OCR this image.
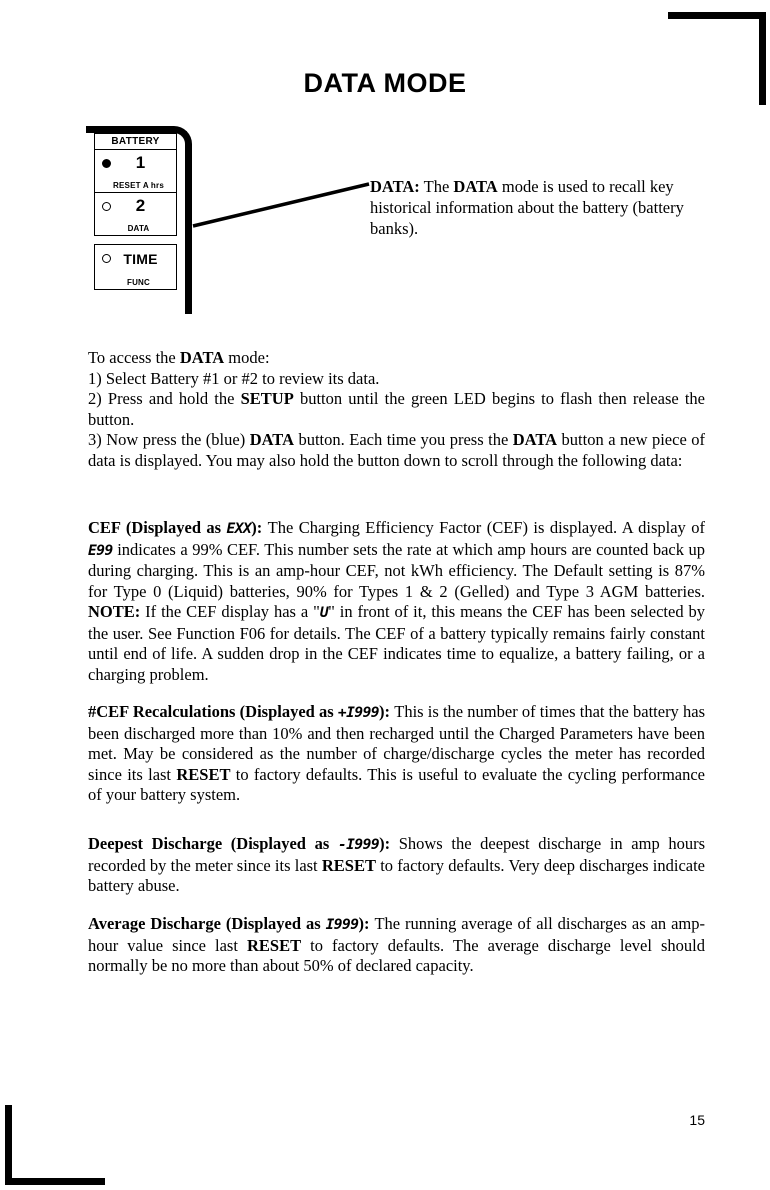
DATA MODE
BATTERY
1
RESET A hrs
2
DATA
TIME
FUNC
DATA: The DATA mode is used to recall key historical information about the battery (battery banks).
To access the DATA mode:
1) Select Battery #1 or #2 to review its data.
2) Press and hold the SETUP button until the green LED begins to flash then release the button.
3) Now press the (blue) DATA button. Each time you press the DATA button a new piece of data is displayed. You may also hold the button down to scroll through the following data:
CEF (Displayed as EXX): The Charging Efficiency Factor (CEF) is displayed. A display of E99 indicates a 99% CEF. This number sets the rate at which amp hours are counted back up during charging. This is an amp-hour CEF, not kWh efficiency. The Default setting is 87% for Type 0 (Liquid) batteries, 90% for Types 1 & 2 (Gelled) and Type 3 AGM batteries. NOTE: If the CEF display has a "U" in front of it, this means the CEF has been selected by the user. See Function F06 for details. The CEF of a battery typically remains fairly constant until end of life. A sudden drop in the CEF indicates time to equalize, a battery failing, or a charging problem.
#CEF Recalculations (Displayed as +I999): This is the number of times that the battery has been discharged more than 10% and then recharged until the Charged Parameters have been met. May be considered as the number of charge/discharge cycles the meter has recorded since its last RESET to factory defaults. This is useful to evaluate the cycling performance of your battery system.
Deepest Discharge (Displayed as -I999): Shows the deepest discharge in amp hours recorded by the meter since its last RESET to factory defaults. Very deep discharges indicate battery abuse.
Average Discharge (Displayed as I999): The running average of all discharges as an amp-hour value since last RESET to factory defaults. The average discharge level should normally be no more than about 50% of declared capacity.
15
